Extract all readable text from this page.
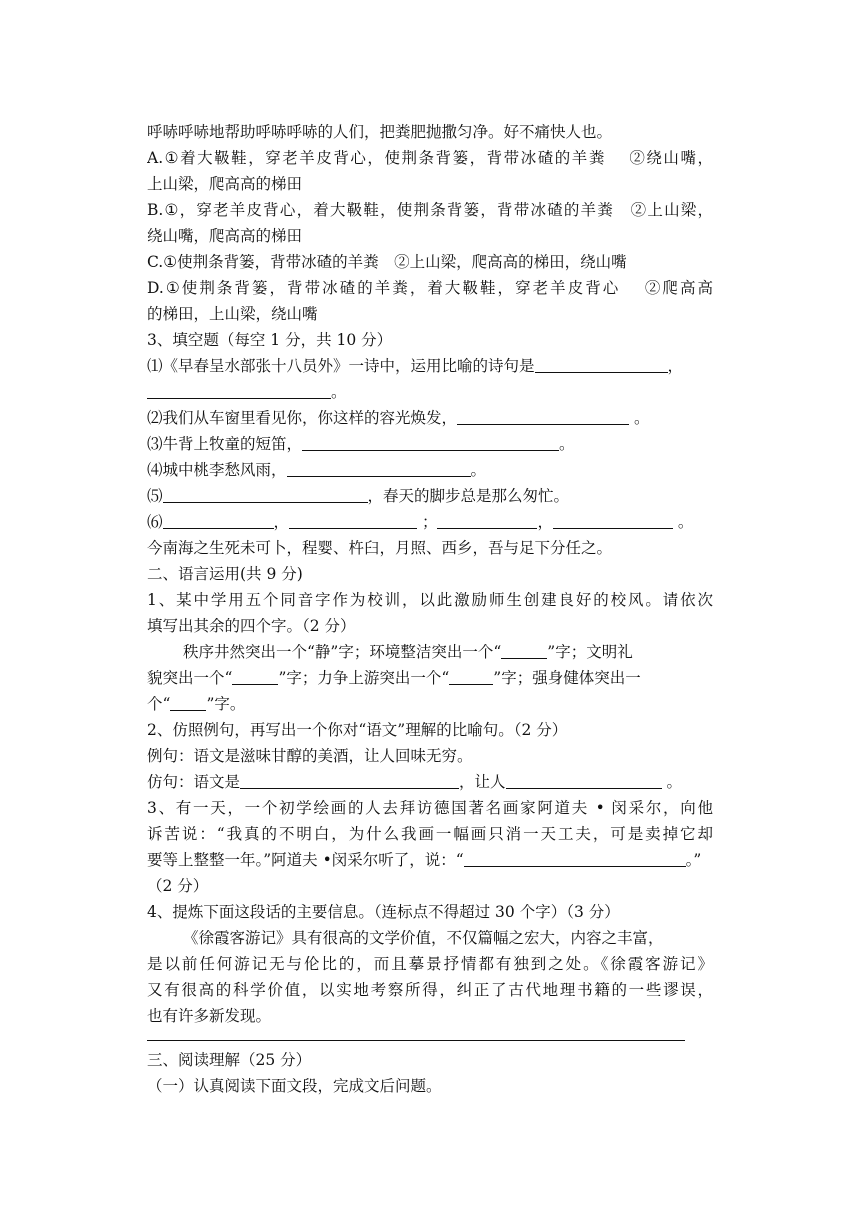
呼哧呼哧地帮助呼哧呼哧的人们，把粪肥抛撒匀净。好不痛快人也。
A.①着大靸鞋，穿老羊皮背心，使荆条背篓，背带冰碴的羊粪　 ②绕山嘴，
上山梁，爬高高的梯田
B.①，穿老羊皮背心，着大靸鞋，使荆条背篓，背带冰碴的羊粪　②上山梁，
绕山嘴，爬高高的梯田
C.①使荆条背篓，背带冰碴的羊粪　②上山梁，爬高高的梯田，绕山嘴
D.①使荆条背篓，背带冰碴的羊粪，着大靸鞋，穿老羊皮背心　 ②爬高高
的梯田，上山梁，绕山嘴
3、填空题（每空 1 分，共 10 分）
⑴《早春呈水部张十八员外》一诗中，运用比喻的诗句是	，
。
⑵我们从车窗里看见你，你这样的容光焕发，	。
⑶牛背上牧童的短笛，	。
⑷城中桃李愁风雨，	。
⑸	，春天的脚步总是那么匆忙。
⑹	，	；	，	。
今南海之生死未可卜，程婴、杵臼，月照、西乡，吾与足下分任之。
二、语言运用(共 9 分)
1、某中学用五个同音字作为校训，以此激励师生创建良好的校风。请依次
填写出其余的四个字。（2 分）
秩序井然突出一个“静”字；环境整洁突出一个“	”字；文明礼
貌突出一个“	”字；力争上游突出一个“	”字；强身健体突出一
个“ ”字。
2、仿照例句，再写出一个你对“语文”理解的比喻句。（2 分）
例句：语文是滋味甘醇的美酒，让人回味无穷。
仿句：语文是	，让人	。
3、有一天，一个初学绘画的人去拜访德国著名画家阿道夫 • 闵采尔，向他
诉苦说：“我真的不明白，为什么我画一幅画只消一天工夫，可是卖掉它却
要等上整整一年。”阿道夫 •闵采尔听了，说：“	。”
（2 分）
4、提炼下面这段话的主要信息。（连标点不得超过 30 个字）（3 分）
《徐霞客游记》具有很高的文学价值，不仅篇幅之宏大，内容之丰富，
是以前任何游记无与伦比的，而且摹景抒情都有独到之处。《徐霞客游记》
又有很高的科学价值，以实地考察所得，纠正了古代地理书籍的一些谬误，
也有许多新发现。
三、阅读理解（25 分）
（一）认真阅读下面文段，完成文后问题。
